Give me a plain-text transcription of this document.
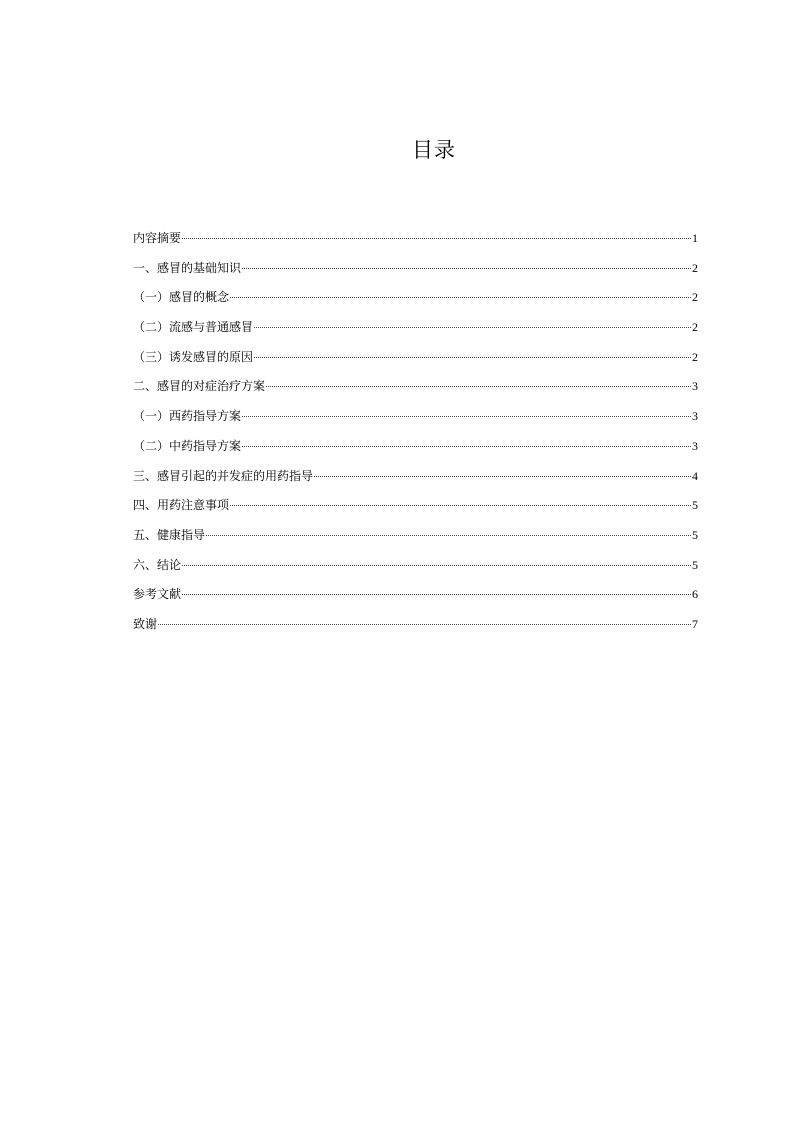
目录
内容摘要	1
一、感冒的基础知识	2
（一）感冒的概念	2
（二）流感与普通感冒	2
（三）诱发感冒的原因	2
二、感冒的对症治疗方案	3
（一）西药指导方案	3
（二）中药指导方案	3
三、感冒引起的并发症的用药指导	4
四、用药注意事项	5
五、健康指导	5
六、结论	5
参考文献	6
致谢	7
